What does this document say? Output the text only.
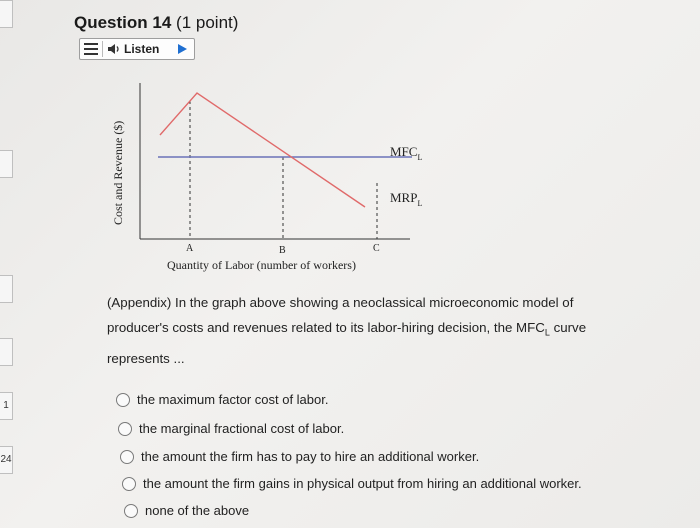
1
24
Question 14 (1 point)
Listen
Cost and Revenue ($)	$MFC_L$
$MRP_L$
A	B	C
Quantity of Labor (number of workers)
(Appendix) In the graph above showing a neoclassical microeconomic model of producer's costs and revenues related to its labor-hiring decision, the $MFC_L$ curve represents ...
the maximum factor cost of labor.
the marginal fractional cost of labor.
the amount the firm has to pay to hire an additional worker.
the amount the firm gains in physical output from hiring an additional worker.
none of the above
